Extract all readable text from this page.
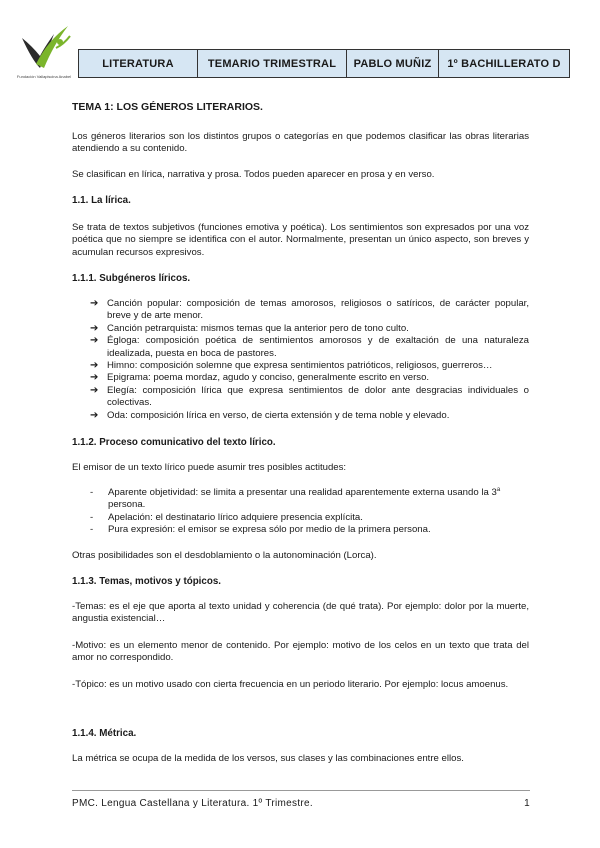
Fundación Vallapiscina Anabel
LITERATURA	TEMARIO TRIMESTRAL	PABLO MUÑIZ	1º BACHILLERATO D
TEMA 1: LOS GÉNEROS LITERARIOS.
Los géneros literarios son los distintos grupos o categorías en que podemos clasificar las obras literarias atendiendo a su contenido.
Se clasifican en lírica, narrativa y prosa. Todos pueden aparecer en prosa y en verso.
1.1. La lírica.
Se trata de textos subjetivos (funciones emotiva y poética). Los sentimientos son expresados por una voz poética que no siempre se identifica con el autor. Normalmente, presentan un único aspecto, son breves y acumulan recursos expresivos.
1.1.1. Subgéneros líricos.
➔ Canción popular: composición de temas amorosos, religiosos o satíricos, de carácter popular, breve y de arte menor.
➔ Canción petrarquista: mismos temas que la anterior pero de tono culto.
➔ Égloga: composición poética de sentimientos amorosos y de exaltación de una naturaleza idealizada, puesta en boca de pastores.
➔ Himno: composición solemne que expresa sentimientos patrióticos, religiosos, guerreros…
➔ Epigrama: poema mordaz, agudo y conciso, generalmente escrito en verso.
➔ Elegía: composición lírica que expresa sentimientos de dolor ante desgracias individuales o colectivas.
➔ Oda: composición lírica en verso, de cierta extensión y de tema noble y elevado.
1.1.2. Proceso comunicativo del texto lírico.
El emisor de un texto lírico puede asumir tres posibles actitudes:
- Aparente objetividad: se limita a presentar una realidad aparentemente externa usando la 3$^a$
persona.
- Apelación: el destinatario lírico adquiere presencia explícita.
- Pura expresión: el emisor se expresa sólo por medio de la primera persona.
Otras posibilidades son el desdoblamiento o la autonominación (Lorca).
1.1.3. Temas, motivos y tópicos.
-Temas: es el eje que aporta al texto unidad y coherencia (de qué trata). Por ejemplo: dolor por la muerte, angustia existencial…
-Motivo: es un elemento menor de contenido. Por ejemplo: motivo de los celos en un texto que trata del amor no correspondido.
-Tópico: es un motivo usado con cierta frecuencia en un periodo literario. Por ejemplo: locus amoenus.
1.1.4. Métrica.
La métrica se ocupa de la medida de los versos, sus clases y las combinaciones entre ellos.
PMC. Lengua Castellana y Literatura. 1º Trimestre.	1
